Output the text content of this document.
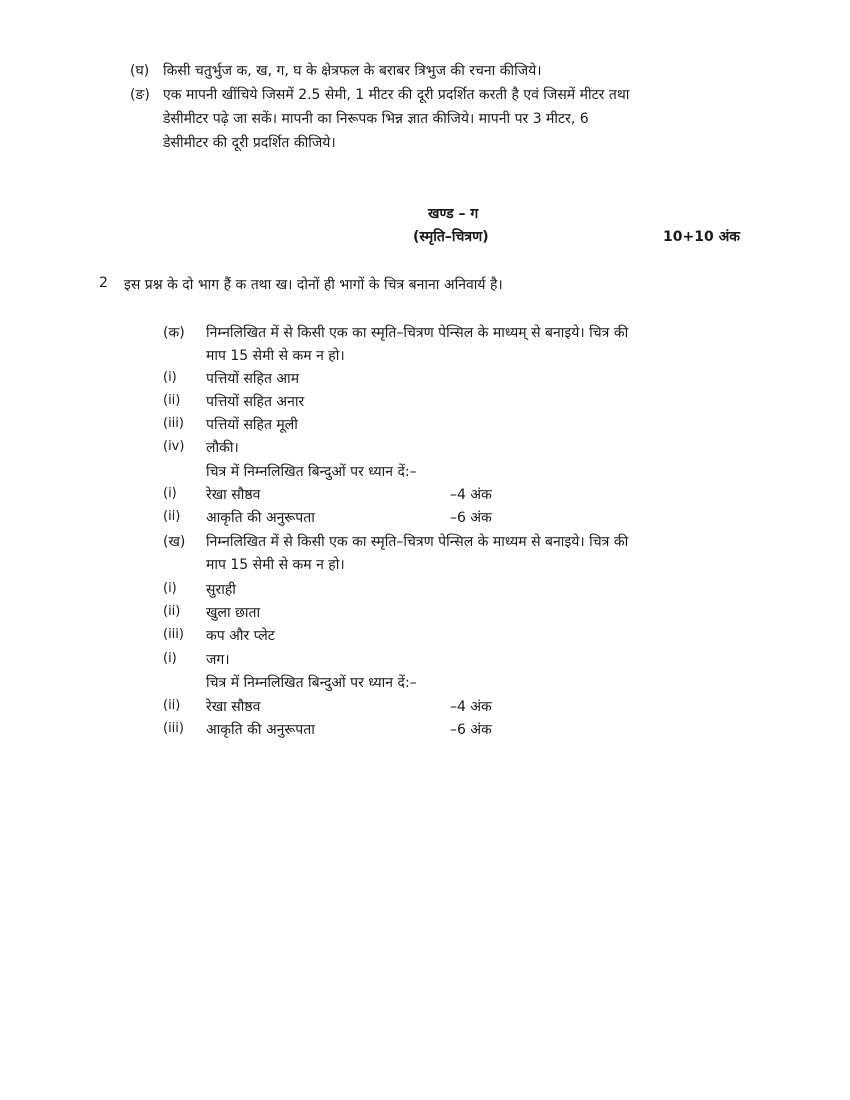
(घ) किसी चतुर्भुज क, ख, ग, घ के क्षेत्रफल के बराबर त्रिभुज की रचना कीजिये।
(ङ) एक मापनी खींचिये जिसमें 2.5 सेमी, 1 मीटर की दूरी प्रदर्शित करती है एवं जिसमें मीटर तथा
डेसीमीटर पढ़े जा सकें। मापनी का निरूपक भिन्न ज्ञात कीजिये। मापनी पर 3 मीटर, 6
डेसीमीटर की दूरी प्रदर्शित कीजिये।
खण्ड – ग
(स्मृति–चित्रण)	10+10 अंक
2 इस प्रश्न के दो भाग हैं क तथा ख। दोनों ही भागों के चित्र बनाना अनिवार्य है।
(क) निम्नलिखित में से किसी एक का स्मृति–चित्रण पेन्सिल के माध्यम् से बनाइये। चित्र की
माप 15 सेमी से कम न हो।
(i) पत्तियों सहित आम
(ii) पत्तियों सहित अनार
(iii) पत्तियों सहित मूली
(iv) लौकी।
चित्र में निम्नलिखित बिन्दुओं पर ध्यान दें:–
(i) रेखा सौष्ठव	–4 अंक
(ii) आकृति की अनुरूपता	–6 अंक
(ख) निम्नलिखित में से किसी एक का स्मृति–चित्रण पेन्सिल के माध्यम से बनाइये। चित्र की
माप 15 सेमी से कम न हो।
(i) सुराही
(ii) खुला छाता
(iii) कप और प्लेट
(i) जग।
चित्र में निम्नलिखित बिन्दुओं पर ध्यान दें:–
(ii) रेखा सौष्ठव	–4 अंक
(iii) आकृति की अनुरूपता	–6 अंक
